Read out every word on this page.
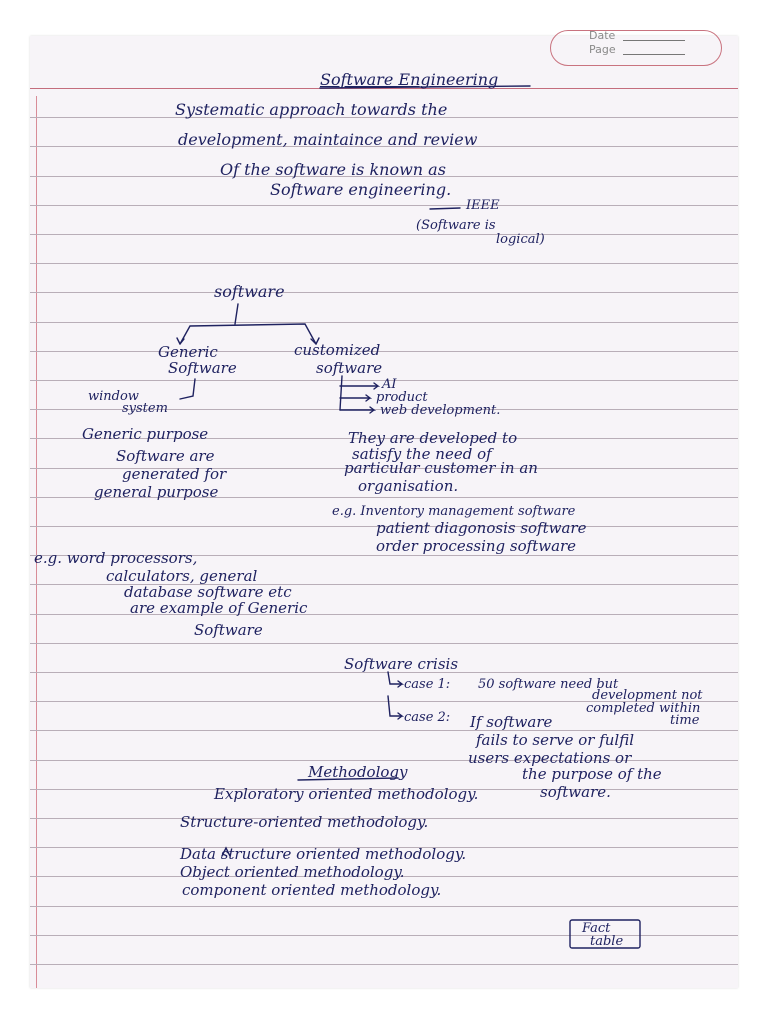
Date
Page

Software Engineering

Systematic approach towards the

development, maintaince and review

Of the software is known as

Software engineering.

IEEE

(Software is

logical)

software

Generic

Software

customized

software

window

system

AI

product

web development.

Generic purpose

Software are

generated for

general purpose

They are developed to

satisfy the need of

particular customer in an

organisation.

e.g. Inventory management software

patient diagonosis software

order processing software

e.g. word processors,

calculators, general

database software etc

are example of Generic

Software

Software crisis

case 1: 50 software need but

development not

completed within

time

case 2: If software

fails to serve or fulfil

users expectations or

the purpose of the

software.

Methodology

Exploratory oriented methodology.

Structure-oriented methodology.

Data structure oriented methodology.

Object oriented methodology.

component oriented methodology.

Fact

table
